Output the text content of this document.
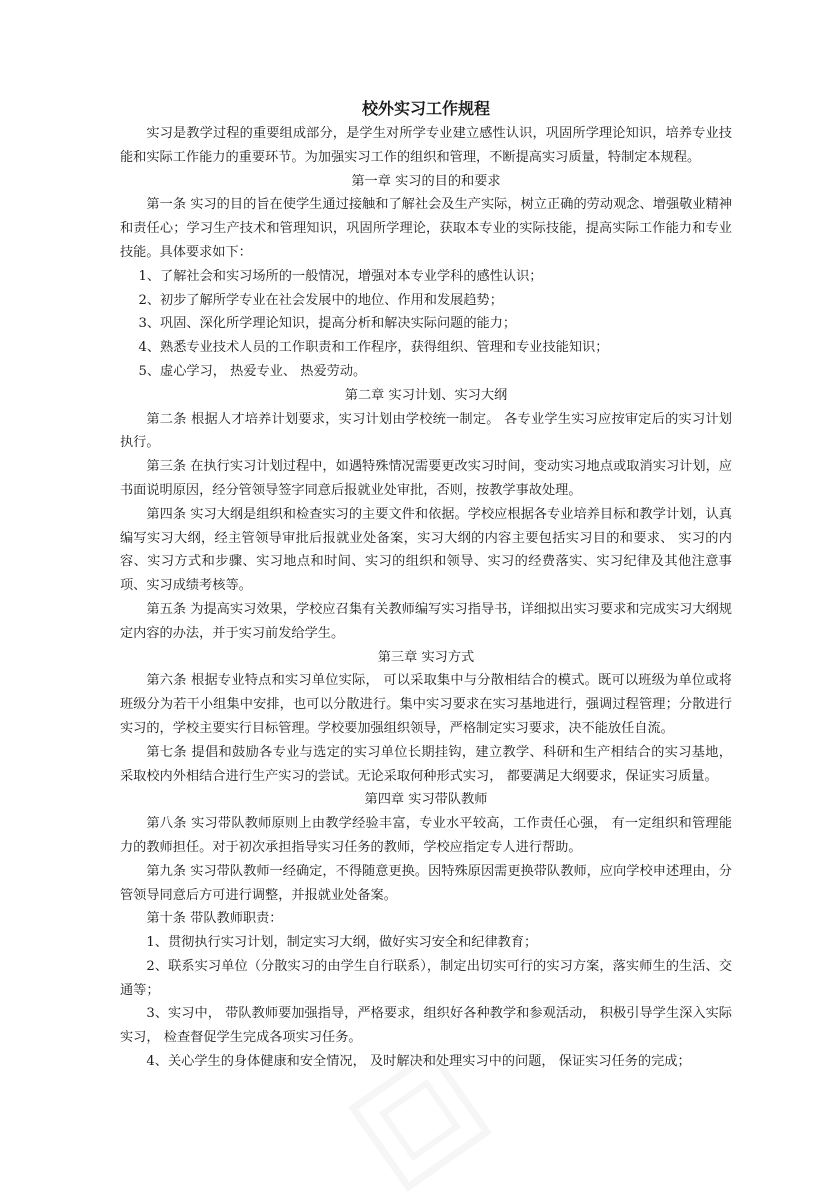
校外实习工作规程

实习是教学过程的重要组成部分，是学生对所学专业建立感性认识，巩固所学理论知识，培养专业技能和实际工作能力的重要环节。为加强实习工作的组织和管理，不断提高实习质量，特制定本规程。

第一章 实习的目的和要求

第一条 实习的目的旨在使学生通过接触和了解社会及生产实际，树立正确的劳动观念、增强敬业精神和责任心；学习生产技术和管理知识，巩固所学理论，获取本专业的实际技能，提高实际工作能力和专业技能。具体要求如下：

1、了解社会和实习场所的一般情况，增强对本专业学科的感性认识；

2、初步了解所学专业在社会发展中的地位、作用和发展趋势；

3、巩固、深化所学理论知识，提高分析和解决实际问题的能力；

4、熟悉专业技术人员的工作职责和工作程序，获得组织、管理和专业技能知识；

5、虚心学习， 热爱专业、 热爱劳动。

第二章 实习计划、实习大纲

第二条 根据人才培养计划要求，实习计划由学校统一制定。 各专业学生实习应按审定后的实习计划执行。

第三条 在执行实习计划过程中，如遇特殊情况需要更改实习时间，变动实习地点或取消实习计划，应书面说明原因，经分管领导签字同意后报就业处审批，否则，按教学事故处理。

第四条 实习大纲是组织和检查实习的主要文件和依据。学校应根据各专业培养目标和教学计划，认真编写实习大纲，经主管领导审批后报就业处备案，实习大纲的内容主要包括实习目的和要求、 实习的内容、实习方式和步骤、实习地点和时间、实习的组织和领导、实习的经费落实、实习纪律及其他注意事项、实习成绩考核等。

第五条 为提高实习效果，学校应召集有关教师编写实习指导书，详细拟出实习要求和完成实习大纲规定内容的办法，并于实习前发给学生。

第三章 实习方式

第六条 根据专业特点和实习单位实际， 可以采取集中与分散相结合的模式。既可以班级为单位或将班级分为若干小组集中安排，也可以分散进行。集中实习要求在实习基地进行，强调过程管理；分散进行实习的，学校主要实行目标管理。学校要加强组织领导，严格制定实习要求，决不能放任自流。

第七条 提倡和鼓励各专业与选定的实习单位长期挂钩，建立教学、科研和生产相结合的实习基地， 采取校内外相结合进行生产实习的尝试。无论采取何种形式实习， 都要满足大纲要求，保证实习质量。

第四章 实习带队教师

第八条 实习带队教师原则上由教学经验丰富，专业水平较高，工作责任心强， 有一定组织和管理能力的教师担任。对于初次承担指导实习任务的教师，学校应指定专人进行帮助。

第九条 实习带队教师一经确定，不得随意更换。因特殊原因需更换带队教师，应向学校申述理由，分管领导同意后方可进行调整，并报就业处备案。

第十条 带队教师职责：

1、贯彻执行实习计划，制定实习大纲，做好实习安全和纪律教育；

2、联系实习单位（分散实习的由学生自行联系），制定出切实可行的实习方案，落实师生的生活、交通等；

3、实习中， 带队教师要加强指导，严格要求，组织好各种教学和参观活动， 积极引导学生深入实际实习， 检查督促学生完成各项实习任务。

4、关心学生的身体健康和安全情况， 及时解决和处理实习中的问题， 保证实习任务的完成；
